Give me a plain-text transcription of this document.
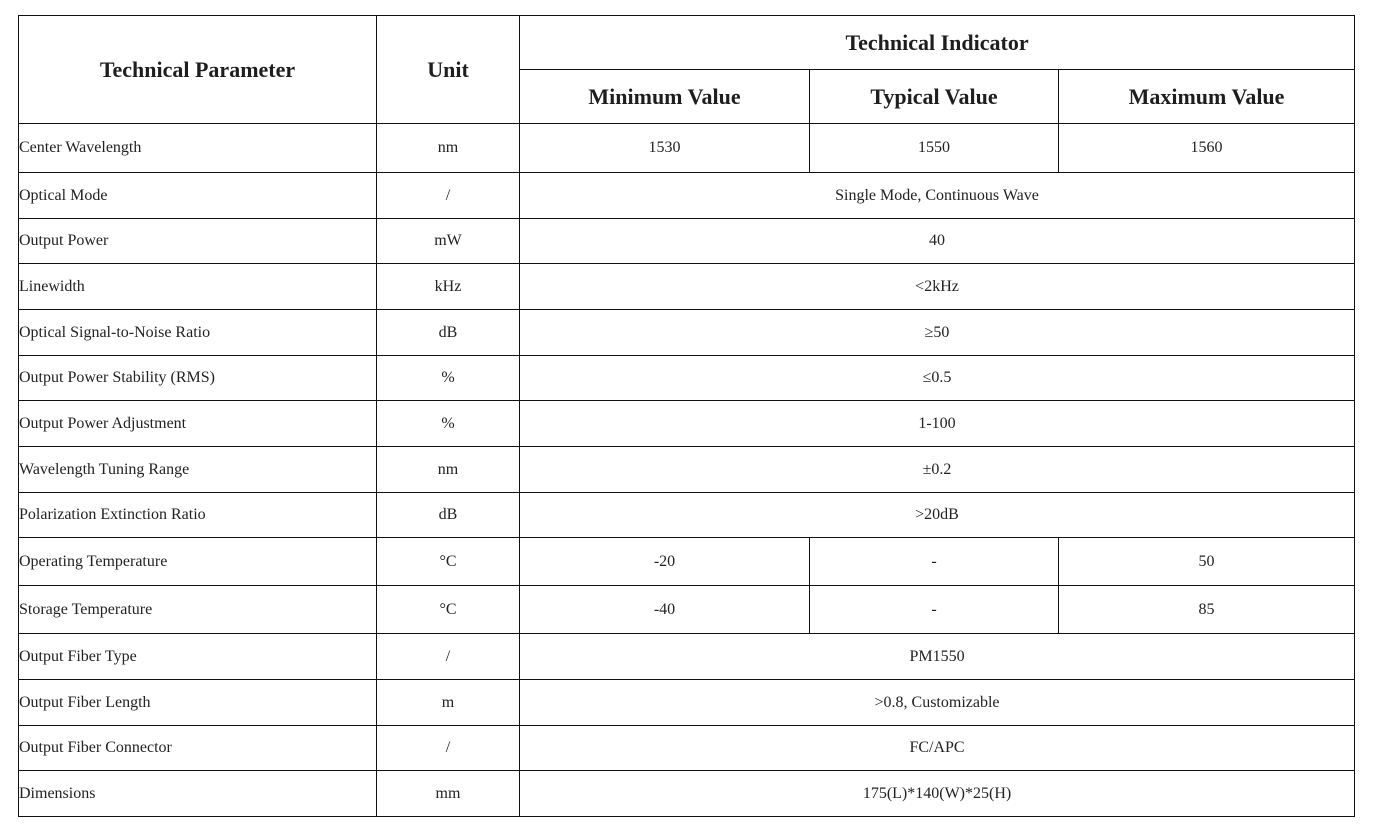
Technical Parameter	Unit	Technical Indicator		
		Minimum Value	Typical Value	Maximum Value
Center Wavelength	nm	1530	1550	1560
Optical Mode	/	Single Mode, Continuous Wave		
Output Power	mW	40		
Linewidth	kHz	<2kHz		
Optical Signal-to-Noise Ratio	dB	≥50		
Output Power Stability (RMS)	%	≤0.5		
Output Power Adjustment	%	1-100		
Wavelength Tuning Range	nm	±0.2		
Polarization Extinction Ratio	dB	>20dB		
Operating Temperature	°C	-20	-	50
Storage Temperature	°C	-40	-	85
Output Fiber Type	/	PM1550		
Output Fiber Length	m	>0.8, Customizable		
Output Fiber Connector	/	FC/APC		
Dimensions	mm	175(L)*140(W)*25(H)		
